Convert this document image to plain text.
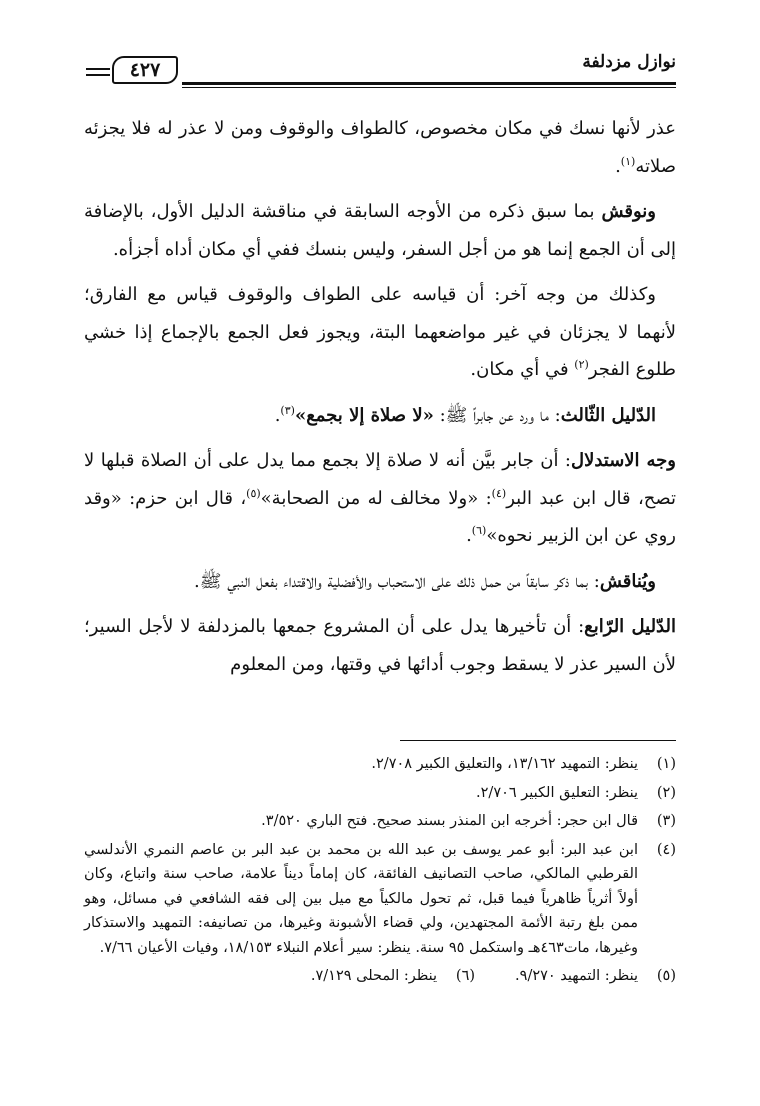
نوازل مزدلفة
٤٢٧

عذر لأنها نسك في مكان مخصوص، كالطواف والوقوف ومن لا عذر له فلا يجزئه صلاته$^{(١)}$.

ونوقش بما سبق ذكره من الأوجه السابقة في مناقشة الدليل الأول، بالإضافة إلى أن الجمع إنما هو من أجل السفر، وليس بنسك ففي أي مكان أداه أجزأه.

وكذلك من وجه آخر: أن قياسه على الطواف والوقوف قياس مع الفارق؛ لأنهما لا يجزئان في غير مواضعهما البتة، ويجوز فعل الجمع بالإجماع إذا خشي طلوع الفجر$^{(٢)}$ في أي مكان.

الدّليل الثّالث: ما ورد عن جابراً ﷺ: «لا صلاة إلا بجمع»$^{(٣)}$.

وجه الاستدلال: أن جابر بيَّن أنه لا صلاة إلا بجمع مما يدل على أن الصلاة قبلها لا تصح، قال ابن عبد البر$^{(٤)}$: «ولا مخالف له من الصحابة»$^{(٥)}$، قال ابن حزم: «وقد روي عن ابن الزبير نحوه»$^{(٦)}$.

ويُناقش: بما ذكر سابقاً من حمل ذلك على الاستحباب والأفضلية والاقتداء بفعل النبي ﷺ.

الدّليل الرّابع: أن تأخيرها يدل على أن المشروع جمعها بالمزدلفة لا لأجل السير؛ لأن السير عذر لا يسقط وجوب أدائها في وقتها، ومن المعلوم

(١)
ينظر: التمهيد ١٣/١٦٢، والتعليق الكبير ٢/٧٠٨.
(٢)
ينظر: التعليق الكبير ٢/٧٠٦.
(٣)
قال ابن حجر: أخرجه ابن المنذر بسند صحيح. فتح الباري ٣/٥٢٠.
(٤)
ابن عبد البر: أبو عمر يوسف بن عبد الله بن محمد بن عبد البر بن عاصم النمري الأندلسي القرطبي المالكي، صاحب التصانيف الفائقة، كان إماماً ديناً علامة، صاحب سنة واتباع، وكان أولاً أثرياً ظاهرياً فيما قبل، ثم تحول مالكياً مع ميل بين إلى فقه الشافعي في مسائل، وهو ممن بلغ رتبة الأئمة المجتهدين، ولي قضاء الأشبونة وغيرها، من تصانيفه: التمهيد والاستذكار وغيرها، مات٤٦٣هـ واستكمل ٩٥ سنة. ينظر: سير أعلام النبلاء ١٨/١٥٣، وفيات الأعيان ٧/٦٦.
(٥)
ينظر: التمهيد ٩/٢٧٠.
(٦)
ينظر: المحلى ٧/١٢٩.
